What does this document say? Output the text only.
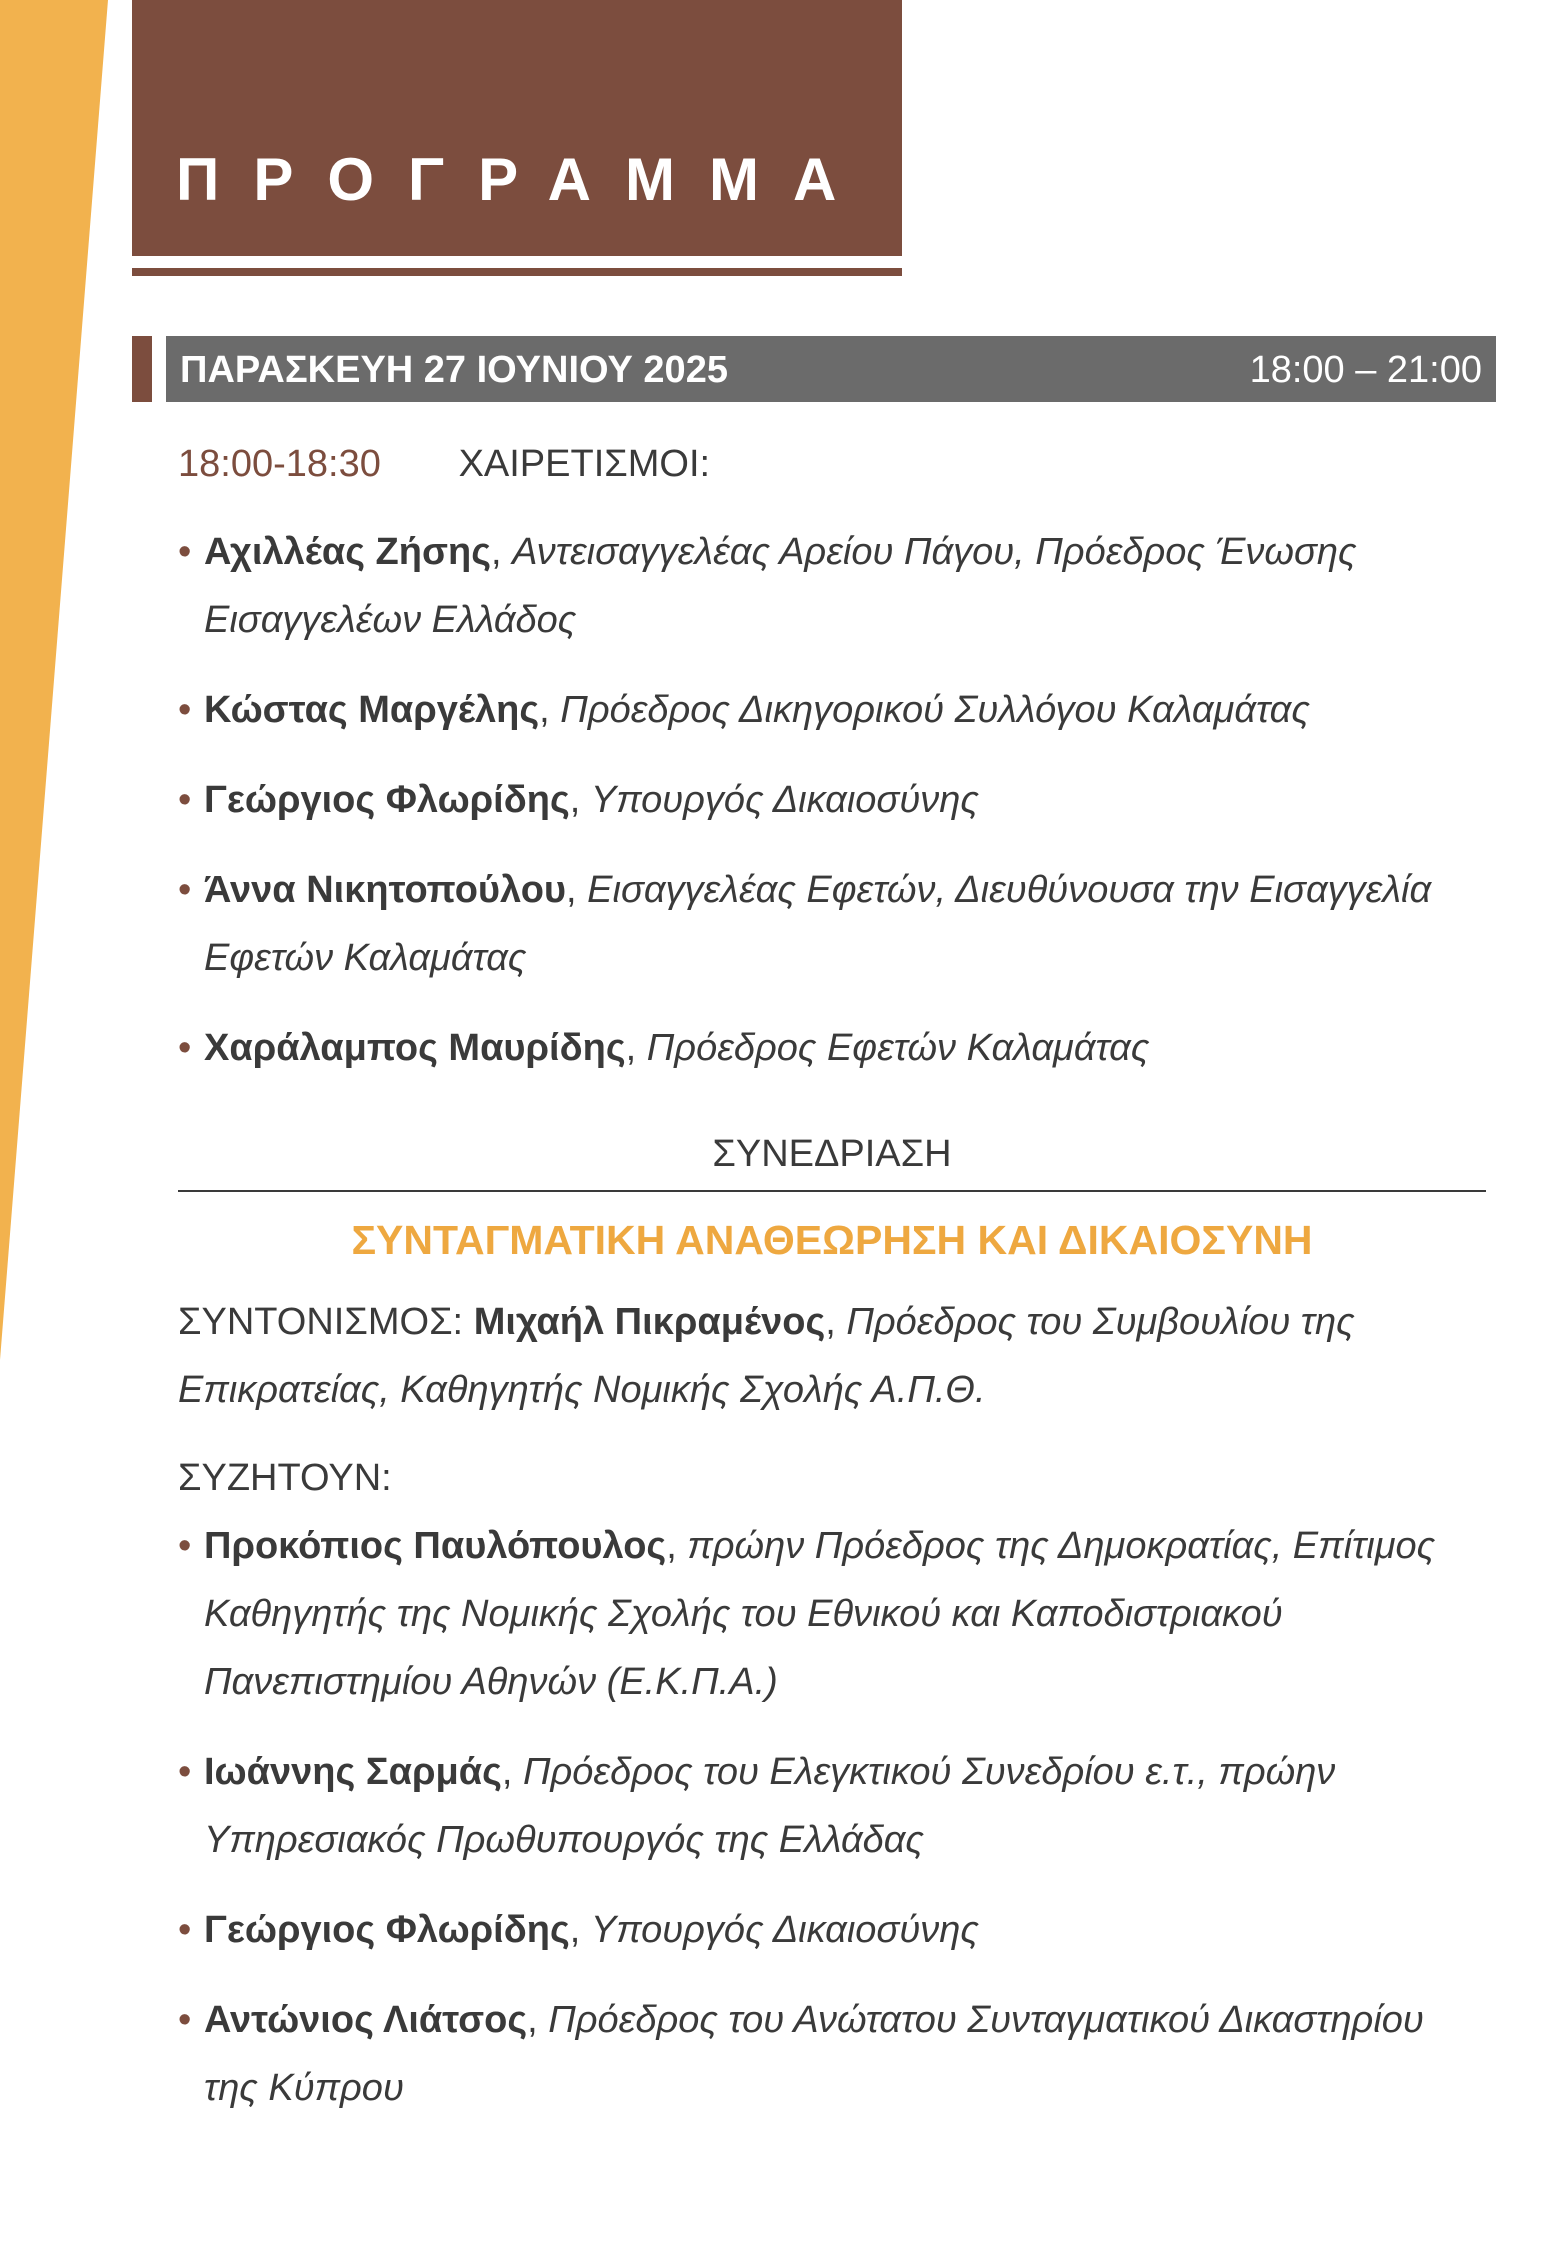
ΠΡΟΓΡΑΜΜΑ
ΠΑΡΑΣΚΕΥΗ 27 ΙΟΥΝΙΟΥ 2025	18:00 – 21:00
18:00-18:30 ΧΑΙΡΕΤΙΣΜΟΙ:
• Αχιλλέας Ζήσης, Αντεισαγγελέας Αρείου Πάγου, Πρόεδρος Ένωσης Εισαγγελέων Ελλάδος
• Κώστας Μαργέλης, Πρόεδρος Δικηγορικού Συλλόγου Καλαμάτας
• Γεώργιος Φλωρίδης, Υπουργός Δικαιοσύνης
• Άννα Νικητοπούλου, Εισαγγελέας Εφετών, Διευθύνουσα την Εισαγγελία Εφετών Καλαμάτας
• Χαράλαμπος Μαυρίδης, Πρόεδρος Εφετών Καλαμάτας
ΣΥΝΕΔΡΙΑΣΗ
ΣΥΝΤΑΓΜΑΤΙΚΗ ΑΝΑΘΕΩΡΗΣΗ ΚΑΙ ΔΙΚΑΙΟΣΥΝΗ
ΣΥΝΤΟΝΙΣΜΟΣ: Μιχαήλ Πικραμένος, Πρόεδρος του Συμβουλίου της Επικρατείας, Καθηγητής Νομικής Σχολής Α.Π.Θ.
ΣΥΖΗΤΟΥΝ:
• Προκόπιος Παυλόπουλος, πρώην Πρόεδρος της Δημοκρατίας, Επίτιμος Καθηγητής της Νομικής Σχολής του Εθνικού και Καποδιστριακού Πανεπιστημίου Αθηνών (Ε.Κ.Π.Α.)
• Ιωάννης Σαρμάς, Πρόεδρος του Ελεγκτικού Συνεδρίου ε.τ., πρώην Υπηρεσιακός Πρωθυπουργός της Ελλάδας
• Γεώργιος Φλωρίδης, Υπουργός Δικαιοσύνης
• Αντώνιος Λιάτσος, Πρόεδρος του Ανώτατου Συνταγματικού Δικαστηρίου της Κύπρου
